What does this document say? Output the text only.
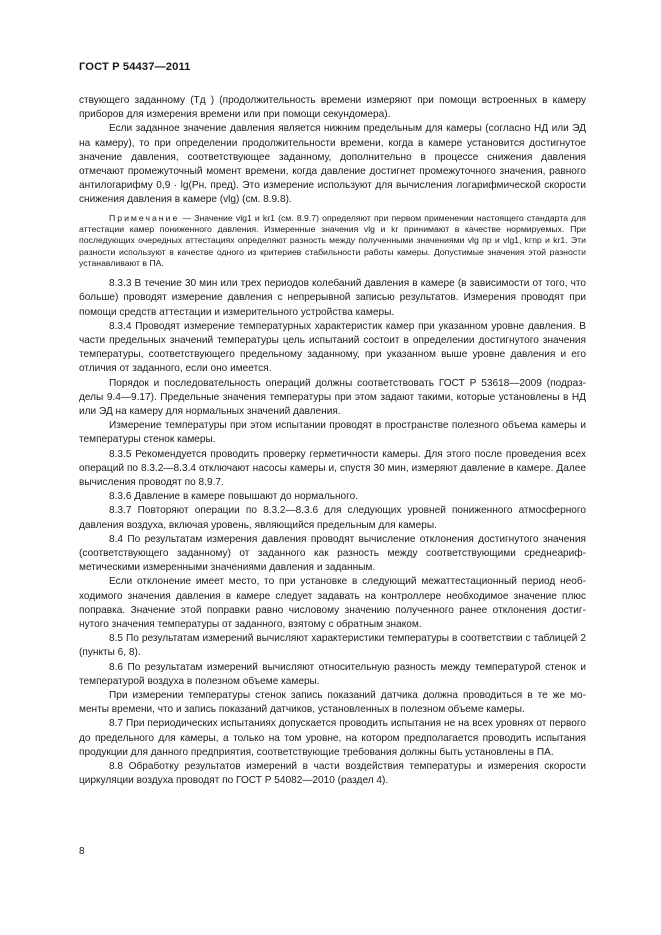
ГОСТ Р 54437—2011

ствующего заданному (Тд ) (продолжительность времени измеряют при помощи встроенных в камеру приборов для измерения времени или при помощи секундомера).

Если заданное значение давления является нижним предельным для камеры (согласно НД или ЭД на камеру), то при определении продолжительности времени, когда в камере установится достигнутое значение давления, соответствующее заданному, дополнительно в процессе снижения давления отмечают промежуточный момент времени, когда давление достигнет промежуточного значения, равного антилогарифму 0,9 · lg(Pн. пред). Это измерение используют для вычисления логарифмической скорости снижения давления в камере (vlg) (см. 8.9.8).

Примечание — Значение vlg1 и kr1 (см. 8.9.7) определяют при первом применении настоящего стандарта для аттестации камер пониженного давления. Измеренные значения vlg и kr принимают в качестве нормируемых. При последующих очередных аттестациях определяют разность между полученными значениями vlg пр и vlg1, kгпр и kr1. Эти разности используют в качестве одного из критериев стабильности работы камеры. Допустимые значения этой разности устанавливают в ПА.

8.3.3 В течение 30 мин или трех периодов колебаний давления в камере (в зависимости от того, что больше) проводят измерение давления с непрерывной записью результатов. Измерения проводят при помощи средств аттестации и измерительного устройства камеры.

8.3.4 Проводят измерение температурных характеристик камер при указанном уровне давления. В части предельных значений температуры цель испытаний состоит в определении достигнутого значения температуры, соответствующего предельному заданному, при указанном выше уровне давления и его отличия от заданного, если оно имеется.

Порядок и последовательность операций должны соответствовать ГОСТ Р 53618—2009 (подразделы 9.4—9.17). Предельные значения температуры при этом задают такими, которые установлены в НД или ЭД на камеру для нормальных значений давления.

Измерение температуры при этом испытании проводят в пространстве полезного объема камеры и температуры стенок камеры.

8.3.5 Рекомендуется проводить проверку герметичности камеры. Для этого после проведения всех операций по 8.3.2—8.3.4 отключают насосы камеры и, спустя 30 мин, измеряют давление в камере. Далее вычисления проводят по 8.9.7.

8.3.6 Давление в камере повышают до нормального.

8.3.7 Повторяют операции по 8.3.2—8.3.6 для следующих уровней пониженного атмосферного давления воздуха, включая уровень, являющийся предельным для камеры.

8.4 По результатам измерения давления проводят вычисление отклонения достигнутого значения (соответствующего заданному) от заданного как разность между соответствующими среднеарифметическими измеренными значениями давления и заданным.

Если отклонение имеет место, то при установке в следующий межаттестационный период необходимого значения давления в камере следует задавать на контроллере необходимое значение плюс поправка. Значение этой поправки равно числовому значению полученного ранее отклонения достигнутого значения температуры от заданного, взятому с обратным знаком.

8.5 По результатам измерений вычисляют характеристики температуры в соответствии с таблицей 2 (пункты 6, 8).

8.6 По результатам измерений вычисляют относительную разность между температурой стенок и температурой воздуха в полезном объеме камеры.

При измерении температуры стенок запись показаний датчика должна проводиться в те же моменты времени, что и запись показаний датчиков, установленных в полезном объеме камеры.

8.7 При периодических испытаниях допускается проводить испытания не на всех уровнях от первого до предельного для камеры, а только на том уровне, на котором предполагается проводить испытания продукции для данного предприятия, соответствующие требования должны быть установлены в ПА.

8.8 Обработку результатов измерений в части воздействия температуры и измерения скорости циркуляции воздуха проводят по ГОСТ Р 54082—2010 (раздел 4).

8
